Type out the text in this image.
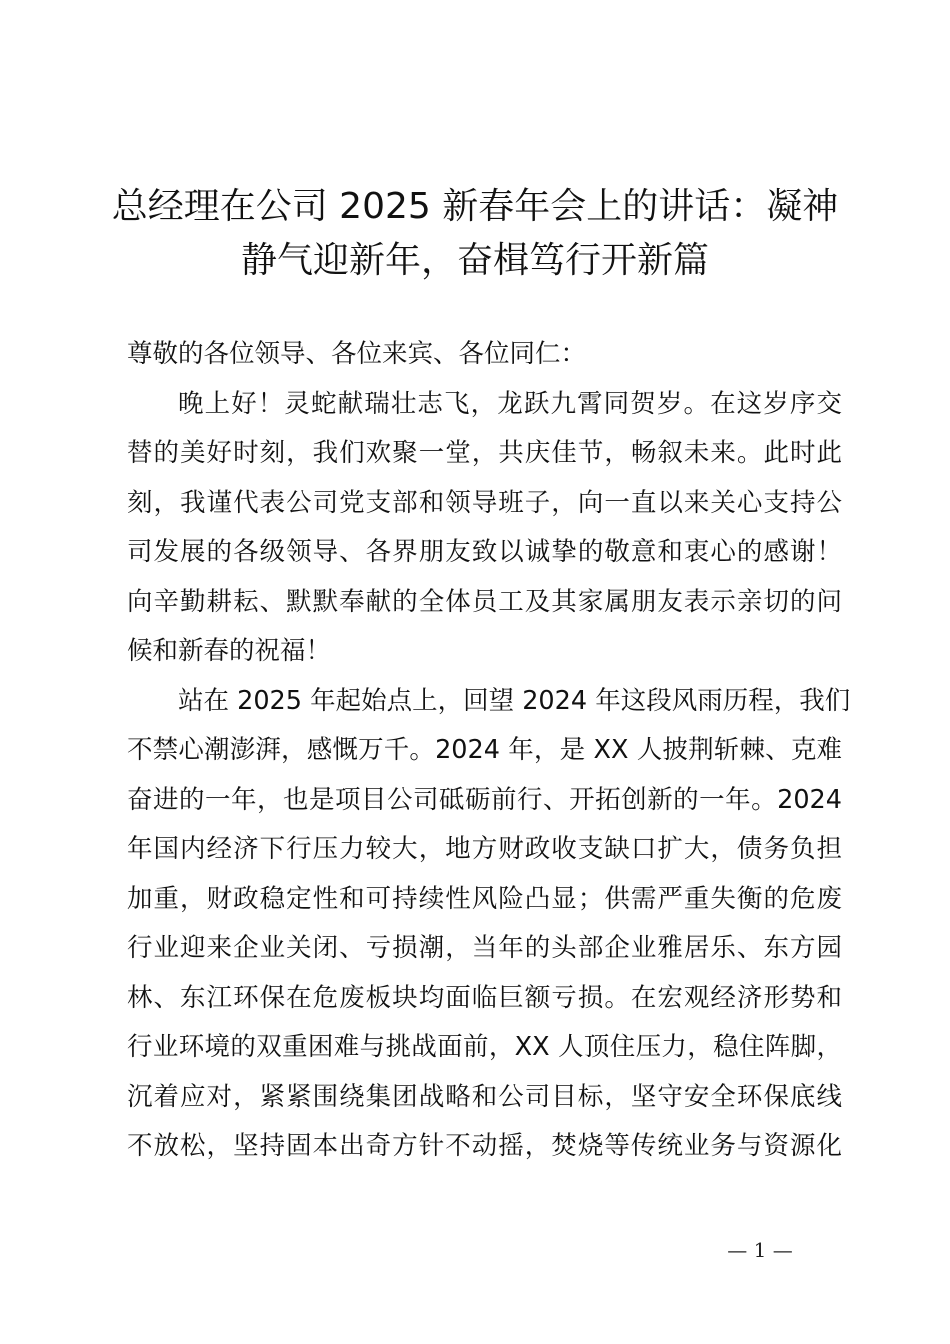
总经理在公司 2025 新春年会上的讲话：凝神
静气迎新年，奋楫笃行开新篇
尊敬的各位领导、各位来宾、各位同仁：
晚上好！灵蛇献瑞壮志飞，龙跃九霄同贺岁。在这岁序交
替的美好时刻，我们欢聚一堂，共庆佳节，畅叙未来。此时此
刻，我谨代表公司党支部和领导班子，向一直以来关心支持公
司发展的各级领导、各界朋友致以诚挚的敬意和衷心的感谢！
向辛勤耕耘、默默奉献的全体员工及其家属朋友表示亲切的问
候和新春的祝福！
站在 2025 年起始点上，回望 2024 年这段风雨历程，我们
不禁心潮澎湃，感慨万千。2024 年，是 XX 人披荆斩棘、克难
奋进的一年，也是项目公司砥砺前行、开拓创新的一年。2024
年国内经济下行压力较大，地方财政收支缺口扩大，债务负担
加重，财政稳定性和可持续性风险凸显；供需严重失衡的危废
行业迎来企业关闭、亏损潮，当年的头部企业雅居乐、东方园
林、东江环保在危废板块均面临巨额亏损。在宏观经济形势和
行业环境的双重困难与挑战面前，XX 人顶住压力，稳住阵脚，
沉着应对，紧紧围绕集团战略和公司目标，坚守安全环保底线
不放松，坚持固本出奇方针不动摇，焚烧等传统业务与资源化
— 1 —
